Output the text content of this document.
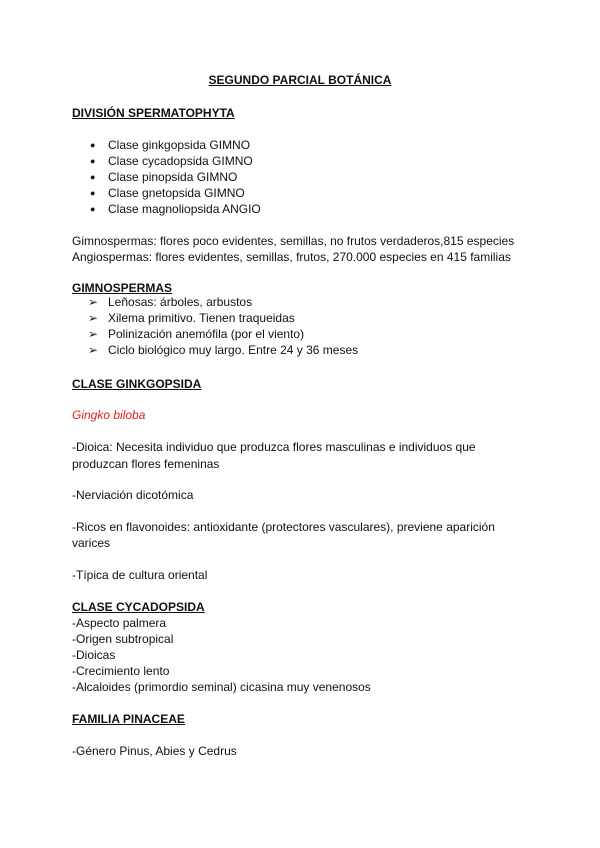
SEGUNDO PARCIAL BOTÁNICA
DIVISIÓN SPERMATOPHYTA
● Clase ginkgopsida GIMNO
● Clase cycadopsida GIMNO
● Clase pinopsida GIMNO
● Clase gnetopsida GIMNO
● Clase magnoliopsida ANGIO
Gimnospermas: flores poco evidentes, semillas, no frutos verdaderos,815 especies
Angiospermas: flores evidentes, semillas, frutos, 270.000 especies en 415 familias
GIMNOSPERMAS
➢ Leñosas: árboles, arbustos
➢ Xilema primitivo. Tienen traqueidas
➢ Polinización anemófila (por el viento)
➢ Ciclo biológico muy largo. Entre 24 y 36 meses
CLASE GINKGOPSIDA
Gingko biloba
-Dioica: Necesita individuo que produzca flores masculinas e individuos que
produzcan flores femeninas
-Nerviación dicotómica
-Ricos en flavonoides: antioxidante (protectores vasculares), previene aparición
varices
-Típica de cultura oriental
CLASE CYCADOPSIDA
-Aspecto palmera
-Origen subtropical
-Dioicas
-Crecimiento lento
-Alcaloides (primordio seminal) cicasina muy venenosos
FAMILIA PINACEAE
-Género Pinus, Abies y Cedrus
